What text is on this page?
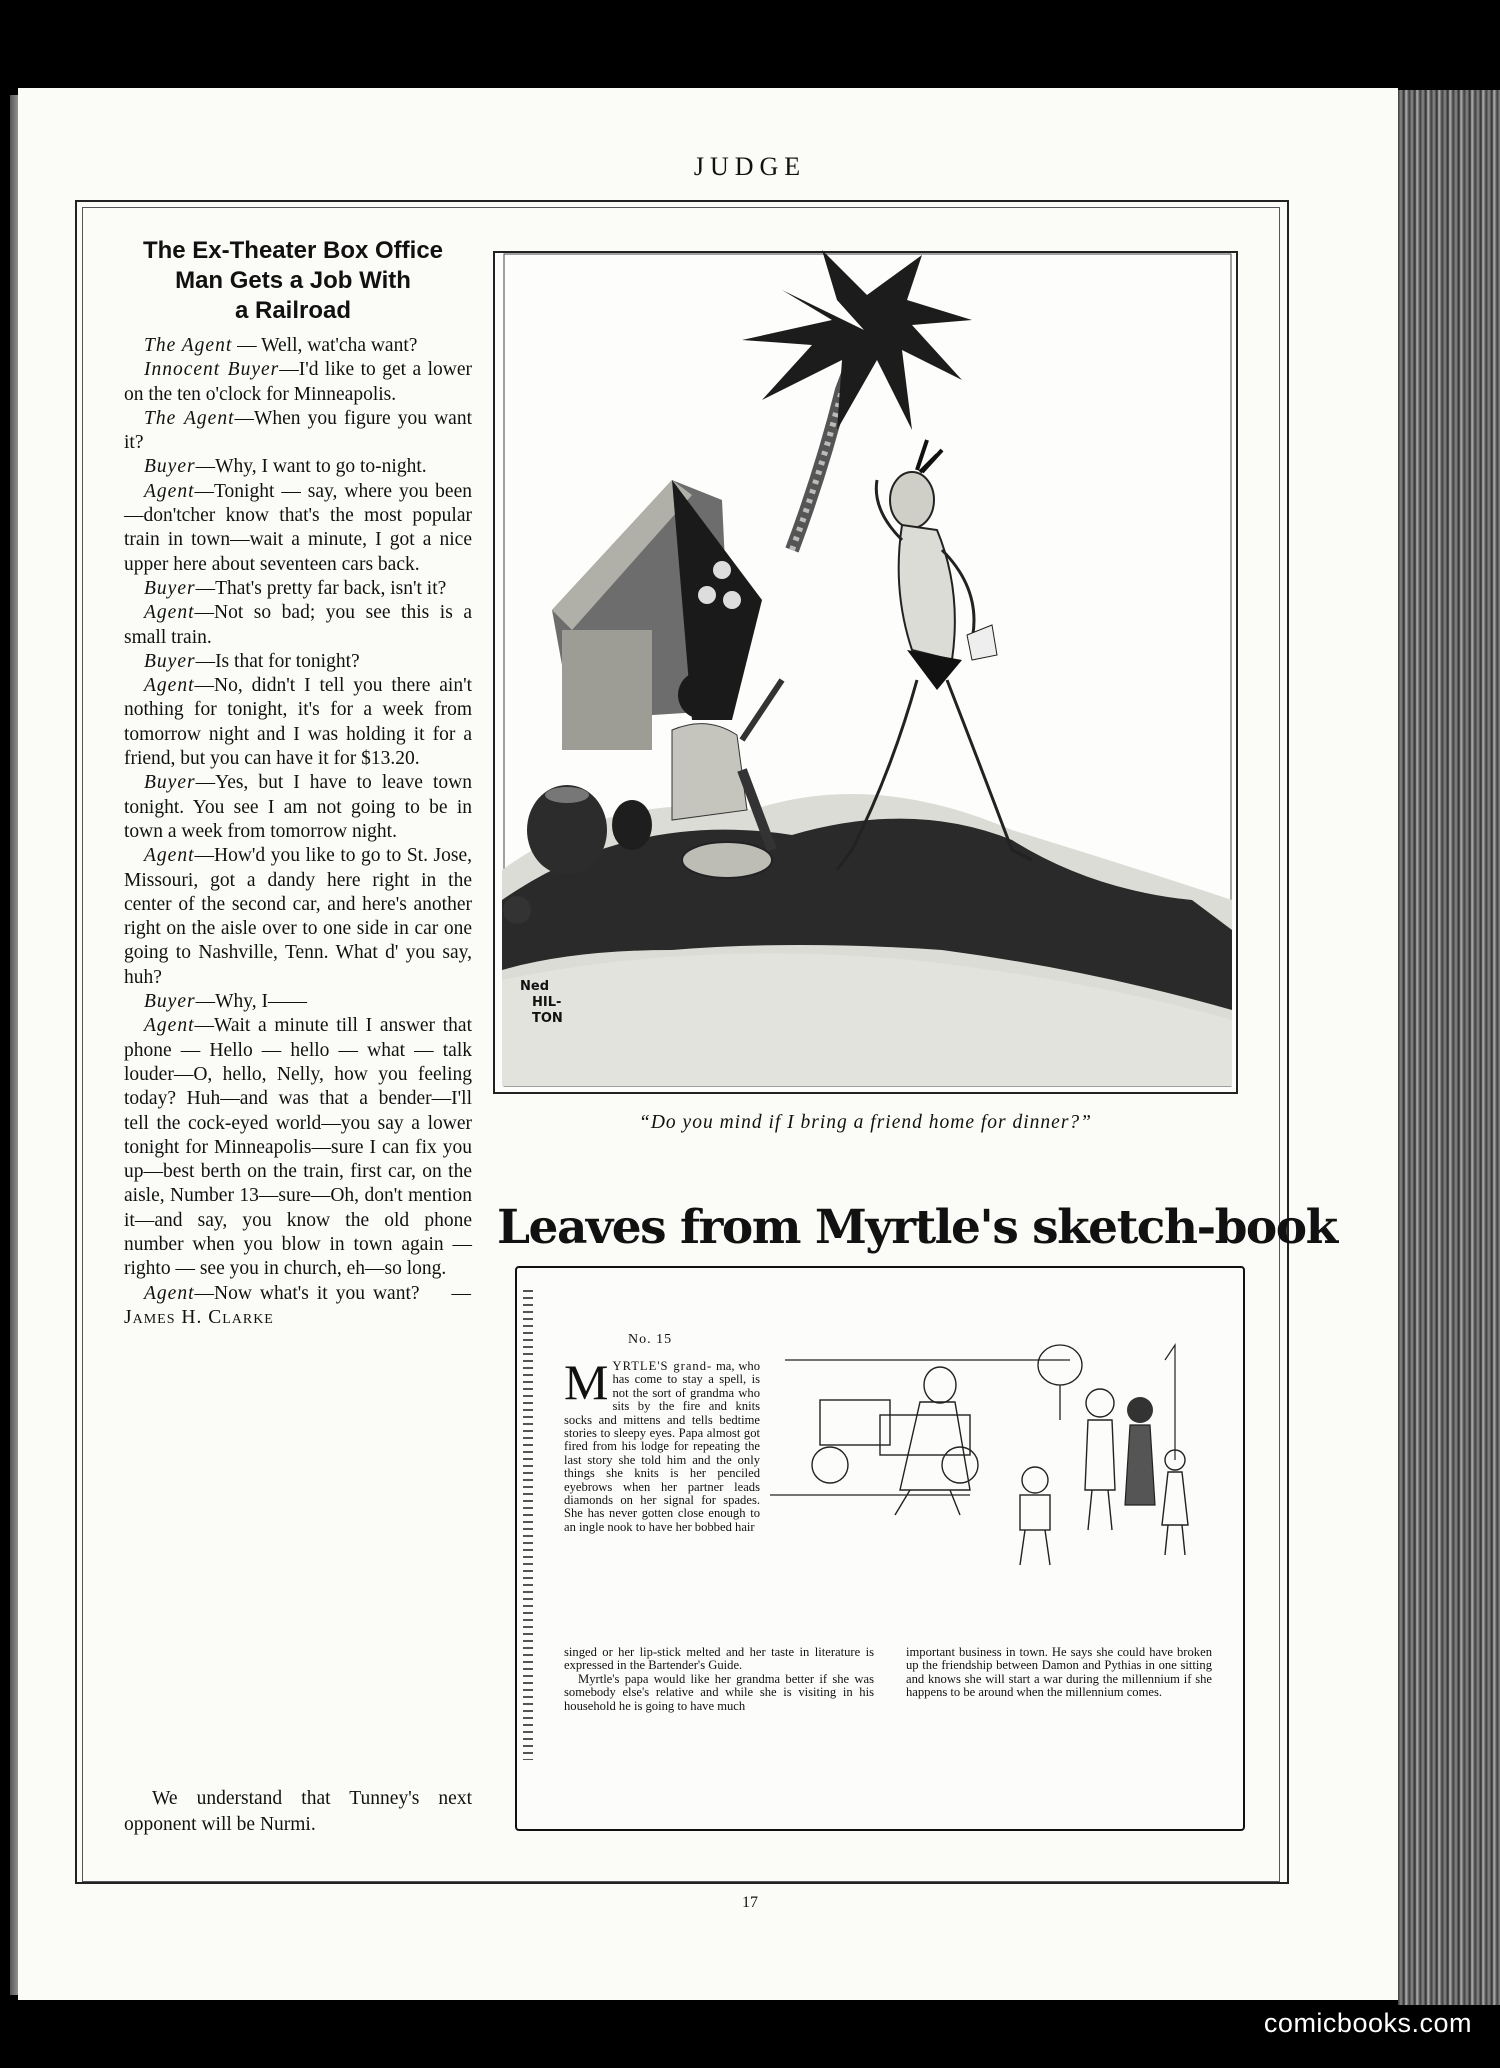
JUDGE
The Ex-Theater Box Office
Man Gets a Job With
a Railroad

The Agent — Well, wat'cha want?

Innocent Buyer—I'd like to get a lower on the ten o'clock for Minneapolis.

The Agent—When you figure you want it?

Buyer—Why, I want to go to-night.

Agent—Tonight — say, where you been—don'tcher know that's the most popular train in town—wait a minute, I got a nice upper here about seventeen cars back.

Buyer—That's pretty far back, isn't it?

Agent—Not so bad; you see this is a small train.

Buyer—Is that for tonight?

Agent—No, didn't I tell you there ain't nothing for tonight, it's for a week from tomorrow night and I was holding it for a friend, but you can have it for $13.20.

Buyer—Yes, but I have to leave town tonight. You see I am not going to be in town a week from tomorrow night.

Agent—How'd you like to go to St. Jose, Missouri, got a dandy here right in the center of the second car, and here's another right on the aisle over to one side in car one going to Nashville, Tenn. What d' you say, huh?

Buyer—Why, I——

Agent—Wait a minute till I answer that phone — Hello — hello — what — talk louder—O, hello, Nelly, how you feeling today? Huh—and was that a bender—I'll tell the cock-eyed world—you say a lower tonight for Minneapolis—sure I can fix you up—best berth on the train, first car, on the aisle, Number 13—sure—Oh, don't mention it—and say, you know the old phone number when you blow in town again — righto — see you in church, eh—so long.

Agent—Now what's it you want? —James H. Clarke

We understand that Tunney's next opponent will be Nurmi.

Ned
HIL-
TON
“Do you mind if I bring a friend home for dinner?”
Leaves from Myrtle's sketch-book
No. 15
MYRTLE'S grand- ma, who has come to stay a spell, is not the sort of grandma who sits by the fire and knits socks and mittens and tells bedtime stories to sleepy eyes. Papa almost got fired from his lodge for repeating the last story she told him and the only things she knits is her penciled eyebrows when her partner leads diamonds on her signal for spades. She has never gotten close enough to an ingle nook to have her bobbed hair
singed or her lip-stick melted and her taste in literature is expressed in the Bartender's Guide.

Myrtle's papa would like her grandma better if she was somebody else's relative and while she is visiting in his household he is going to have much

important business in town. He says she could have broken up the friendship between Damon and Pythias in one sitting and knows she will start a war during the millennium if she happens to be around when the millennium comes.
17
comicbooks.com
